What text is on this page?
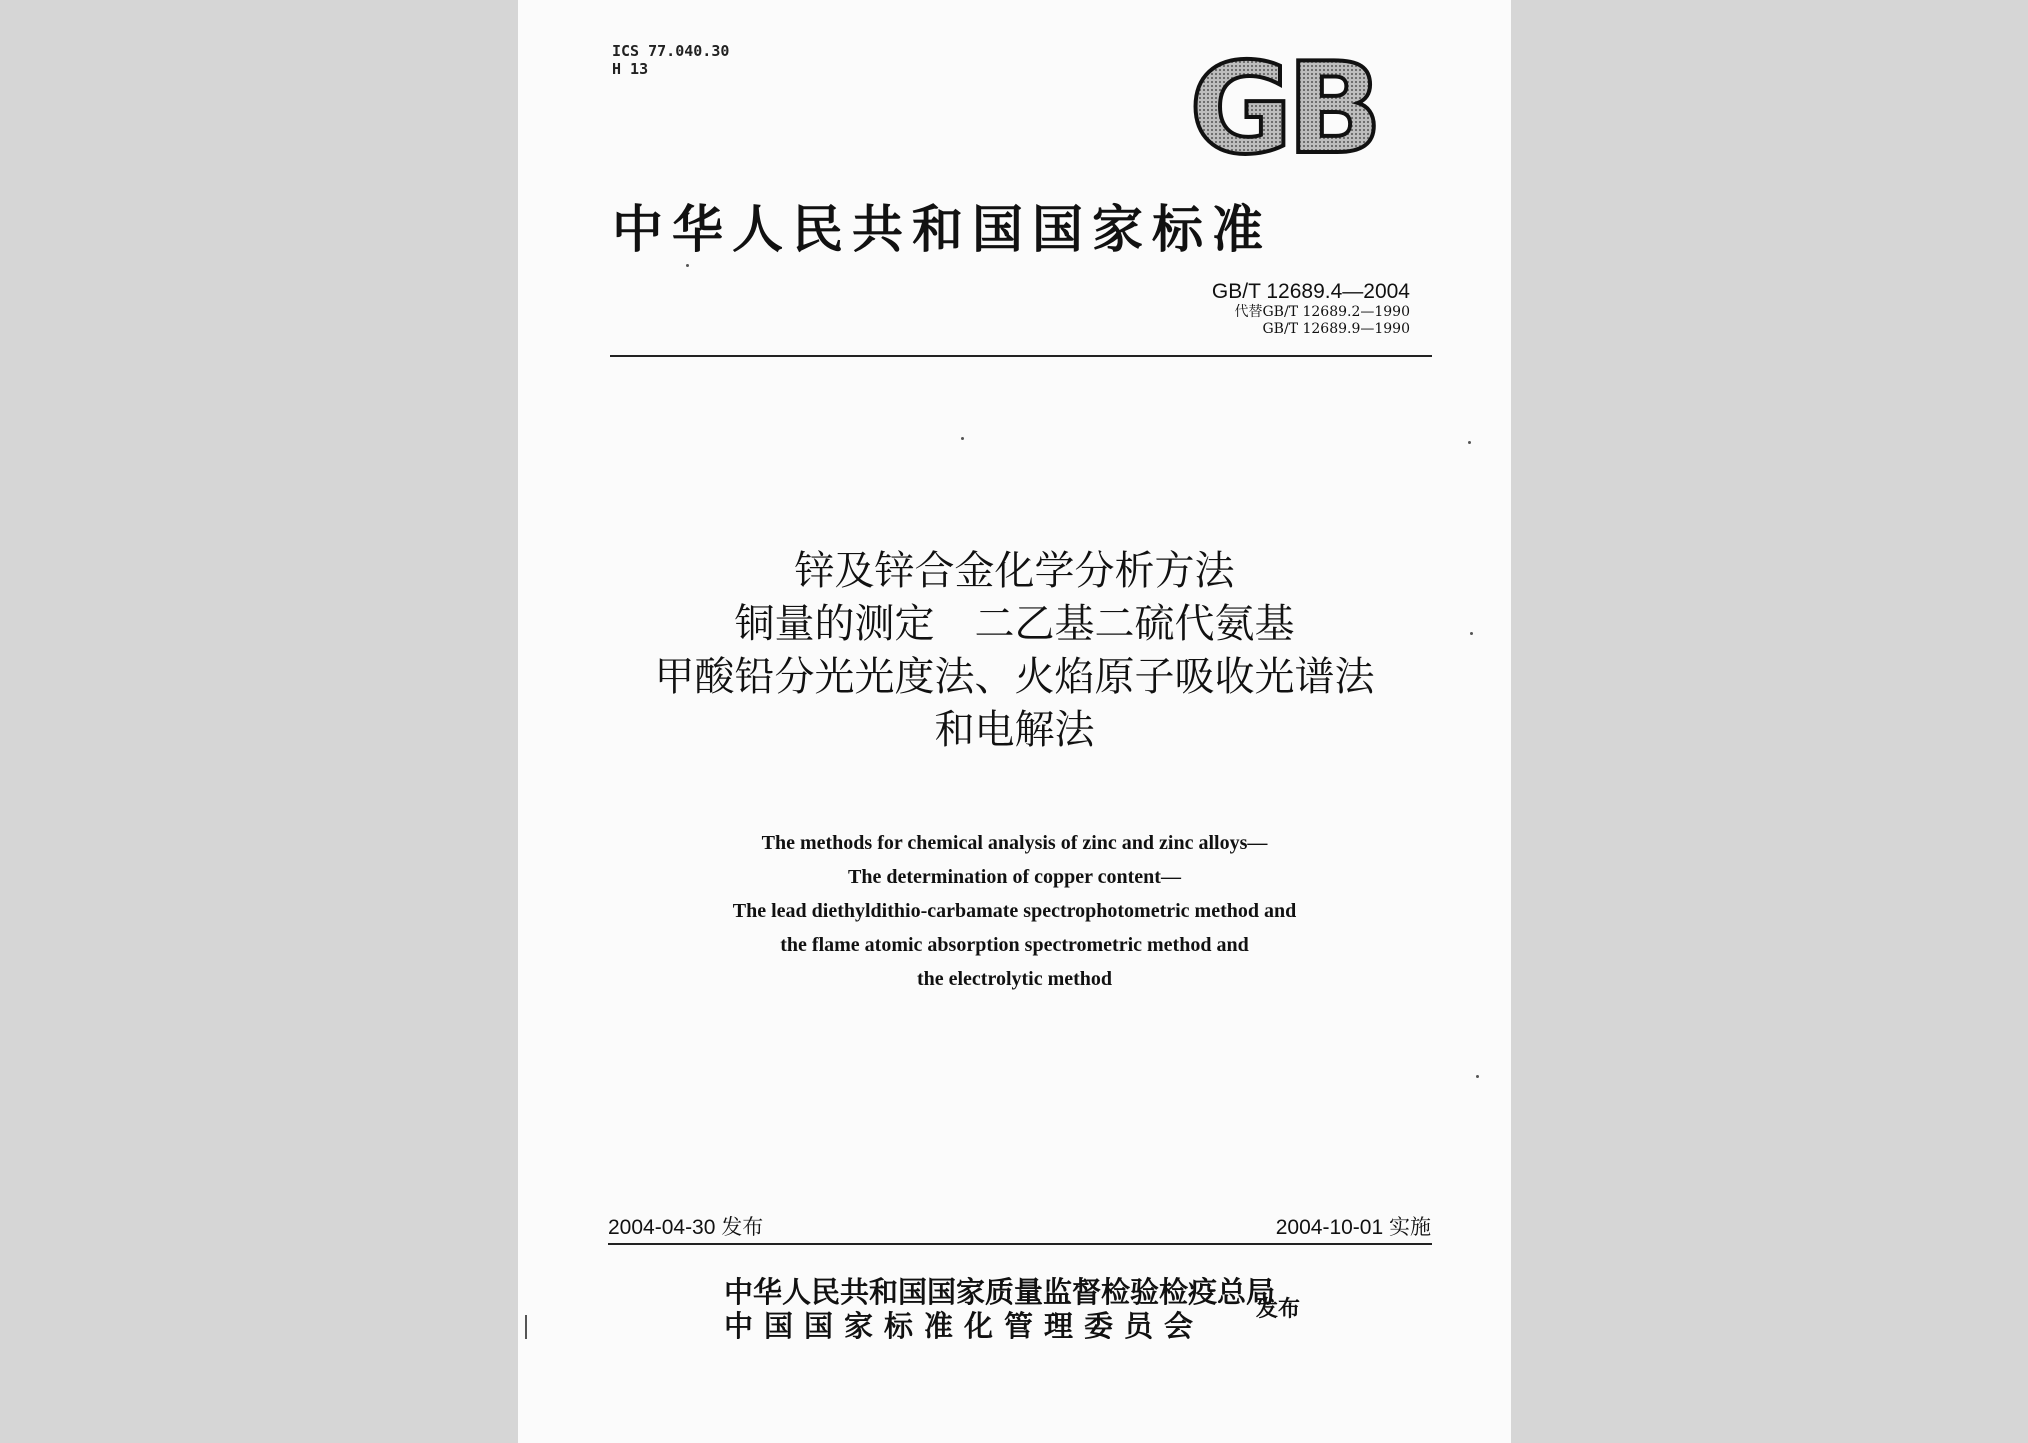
ICS 77.040.30
H 13	GB
中华人民共和国国家标准
GB/T 12689.4—2004
代替GB/T 12689.2—1990
GB/T 12689.9—1990
锌及锌合金化学分析方法
铜量的测定　二乙基二硫代氨基
甲酸铅分光光度法、火焰原子吸收光谱法
和电解法
The methods for chemical analysis of zinc and zinc alloys—
The determination of copper content—
The lead diethyldithio-carbamate spectrophotometric method and
the flame atomic absorption spectrometric method and
the electrolytic method
2004-04-30 发布	2004-10-01 实施
中华人民共和国国家质量监督检验检疫总局
中国国家标准化管理委员会	发布
